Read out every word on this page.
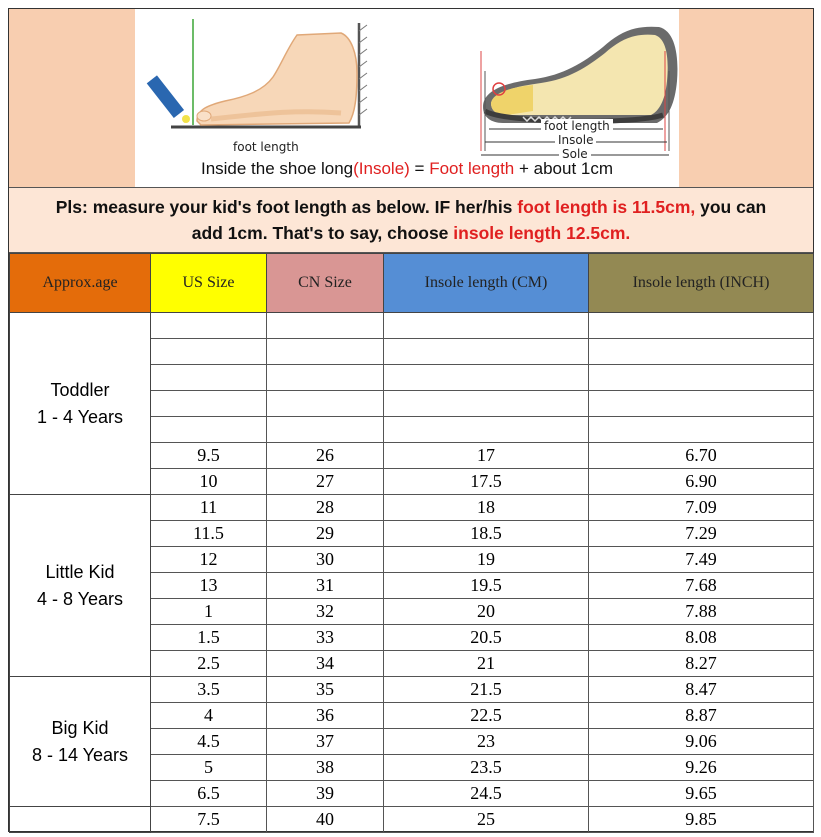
foot length
foot length
Insole
Sole
Inside the shoe long(Insole) = Foot length + about 1cm
Pls: measure your kid's foot length as below. IF her/his foot length is 11.5cm, you can
add 1cm. That's to say, choose insole length 12.5cm.
Approx.age	US Size	CN Size	Insole length (CM)	Insole length (INCH)

Toddler
1 - 4 Years				

	9.5	26	17	6.70
	10	27	17.5	6.90

Little Kid
4 - 8 Years	11	28	18	7.09
	11.5	29	18.5	7.29
	12	30	19	7.49
	13	31	19.5	7.68
	1	32	20	7.88
	1.5	33	20.5	8.08
	2.5	34	21	8.27

Big Kid
8 - 14 Years	3.5	35	21.5	8.47
	4	36	22.5	8.87
	4.5	37	23	9.06
	5	38	23.5	9.26
	6.5	39	24.5	9.65

	7.5	40	25	9.85
